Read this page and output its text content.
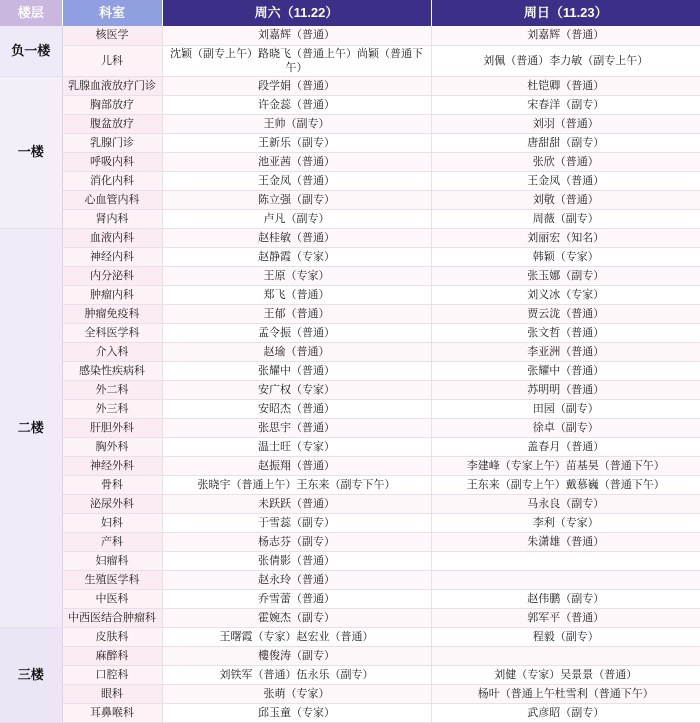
楼层	科室	周六（11.22）	周日（11.23）
负一楼	核医学	刘嘉辉（普通）	刘嘉辉（普通）
	儿科	沈颖（副专上午）路晓飞（普通上午）尚颖（普通下午）	刘佩（普通）李力敏（副专上午）
一楼	乳腺血液放疗门诊	段学娟（普通）	杜铠卿（普通）
	胸部放疗	许金蕊（普通）	宋春洋（副专）
	腹盆放疗	王帅（副专）	刘羽（普通）
	乳腺门诊	王新乐（副专）	唐甜甜（副专）
	呼吸内科	池亚茜（普通）	张欣（普通）
	消化内科	王金凤（普通）	王金凤（普通）
	心血管内科	陈立强（副专）	刘敬（普通）
	肾内科	卢凡（副专）	周薇（副专）
二楼	血液内科	赵桂敏（普通）	刘丽宏（知名）
	神经内科	赵静霞（专家）	韩颖（专家）
	内分泌科	王原（专家）	张玉娜（副专）
	肿瘤内科	郑飞（普通）	刘义冰（专家）
	肿瘤免疫科	王郁（普通）	贾云泷（普通）
	全科医学科	孟令振（普通）	张文哲（普通）
	介入科	赵瑜（普通）	李亚洲（普通）
	感染性疾病科	张耀中（普通）	张耀中（普通）
	外二科	安广权（专家）	苏明明（普通）
	外三科	安昭杰（普通）	田园（副专）
	肝胆外科	张思宇（普通）	徐卓（副专）
	胸外科	温士旺（专家）	盖春月（普通）
	神经外科	赵振翔（普通）	李建峰（专家上午）苗基昊（普通下午）
	骨科	张晓宇（普通上午）王东来（副专下午）	王东来（副专上午）戴慕巍（普通下午）
	泌尿外科	未跃跃（普通）	马永良（副专）
	妇科	于雪蕊（副专）	李利（专家）
	产科	杨志芬（副专）	朱潇雄（普通）
	妇瘤科	张倩影（普通）	
	生殖医学科	赵永玲（普通）	
	中医科	乔雪蕾（普通）	赵伟鹏（副专）
	中西医结合肿瘤科	霍婉杰（副专）	郭军平（普通）
三楼	皮肤科	王曙霞（专家）赵宏业（普通）	程毅（副专）
	麻醉科	樓俊涛（副专）	
	口腔科	刘铁军（普通）伍永乐（副专）	刘健（专家）吴景景（普通）
	眼科	张萌（专家）	杨叶（普通上午杜雪利（普通下午）
	耳鼻喉科	邱玉童（专家）	武彦昭（副专）
